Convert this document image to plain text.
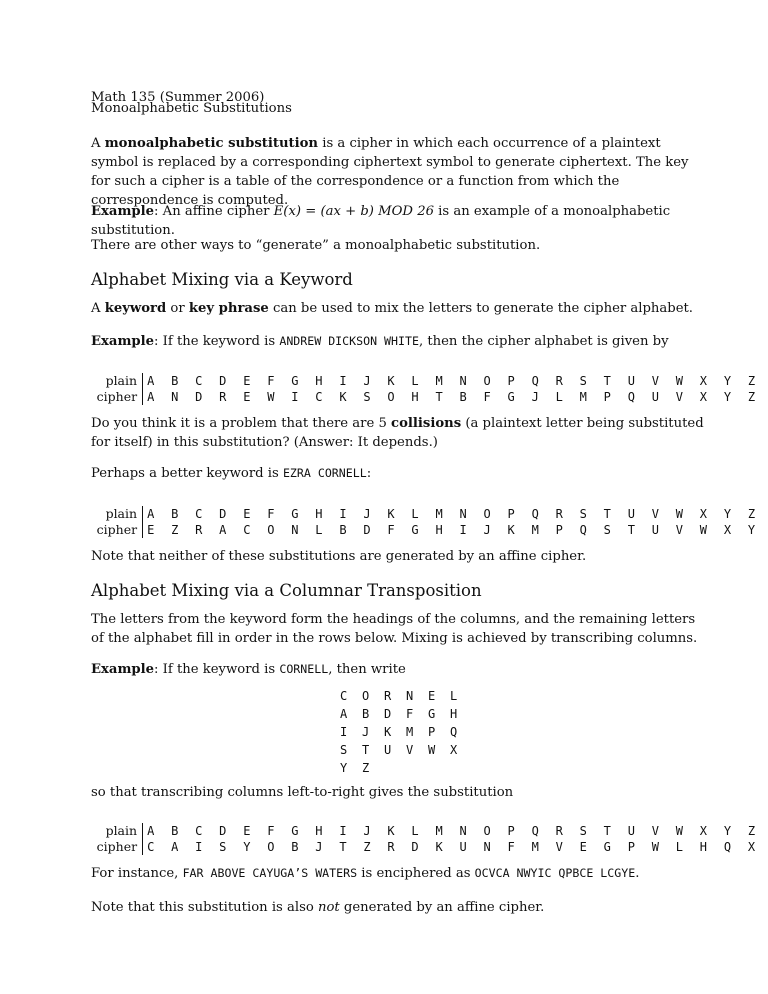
Math 135 (Summer 2006)
Monoalphabetic Substitutions

A monoalphabetic substitution is a cipher in which each occurrence of a plaintext symbol is replaced by a corresponding ciphertext symbol to generate ciphertext. The key for such a cipher is a table of the correspondence or a function from which the correspondence is computed.

Example: An affine cipher E(x) = (ax + b) MOD 26 is an example of a monoalphabetic substitution.

There are other ways to “generate” a monoalphabetic substitution.

Alphabet Mixing via a Keyword

A keyword or key phrase can be used to mix the letters to generate the cipher alphabet.

Example: If the keyword is ANDREW DICKSON WHITE, then the cipher alphabet is given by

plain	A	B	C	D	E	F	G	H	I	J	K	L	M	N	O	P	Q	R	S	T	U	V	W	X	Y	Z
cipher	A	N	D	R	E	W	I	C	K	S	O	H	T	B	F	G	J	L	M	P	Q	U	V	X	Y	Z

Do you think it is a problem that there are 5 collisions (a plaintext letter being substituted for itself) in this substitution? (Answer: It depends.)

Perhaps a better keyword is EZRA CORNELL:

plain	A	B	C	D	E	F	G	H	I	J	K	L	M	N	O	P	Q	R	S	T	U	V	W	X	Y	Z
cipher	E	Z	R	A	C	O	N	L	B	D	F	G	H	I	J	K	M	P	Q	S	T	U	V	W	X	Y

Note that neither of these substitutions are generated by an affine cipher.

Alphabet Mixing via a Columnar Transposition

The letters from the keyword form the headings of the columns, and the remaining letters of the alphabet fill in order in the rows below. Mixing is achieved by transcribing columns.

Example: If the keyword is CORNELL, then write

C	O	R	N	E	L
A	B	D	F	G	H
I	J	K	M	P	Q
S	T	U	V	W	X
Y	Z				

so that transcribing columns left-to-right gives the substitution

plain	A	B	C	D	E	F	G	H	I	J	K	L	M	N	O	P	Q	R	S	T	U	V	W	X	Y	Z
cipher	C	A	I	S	Y	O	B	J	T	Z	R	D	K	U	N	F	M	V	E	G	P	W	L	H	Q	X

For instance, FAR ABOVE CAYUGA’S WATERS is enciphered as OCVCA NWYIC QPBCE LCGYE.

Note that this substitution is also not generated by an affine cipher.
